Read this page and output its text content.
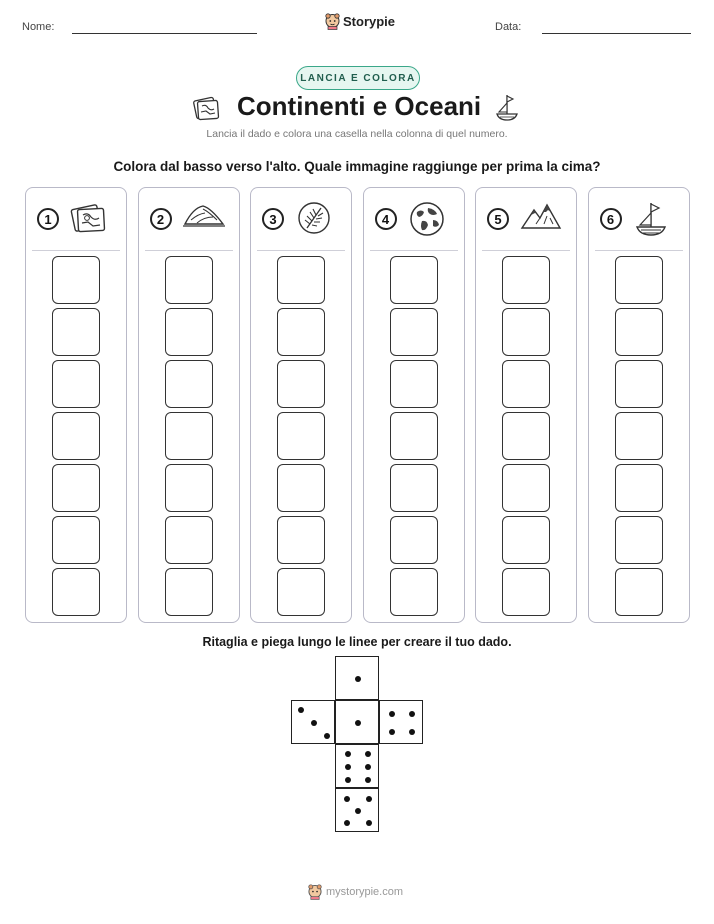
Nome:	Storypie	Data:
LANCIA E COLORA
Continenti e Oceani
Lancia il dado e colora una casella nella colonna di quel numero.
Colora dal basso verso l'alto. Quale immagine raggiunge per prima la cima?
1	2	3	4	5	6
Ritaglia e piega lungo le linee per creare il tuo dado.
mystorypie.com
